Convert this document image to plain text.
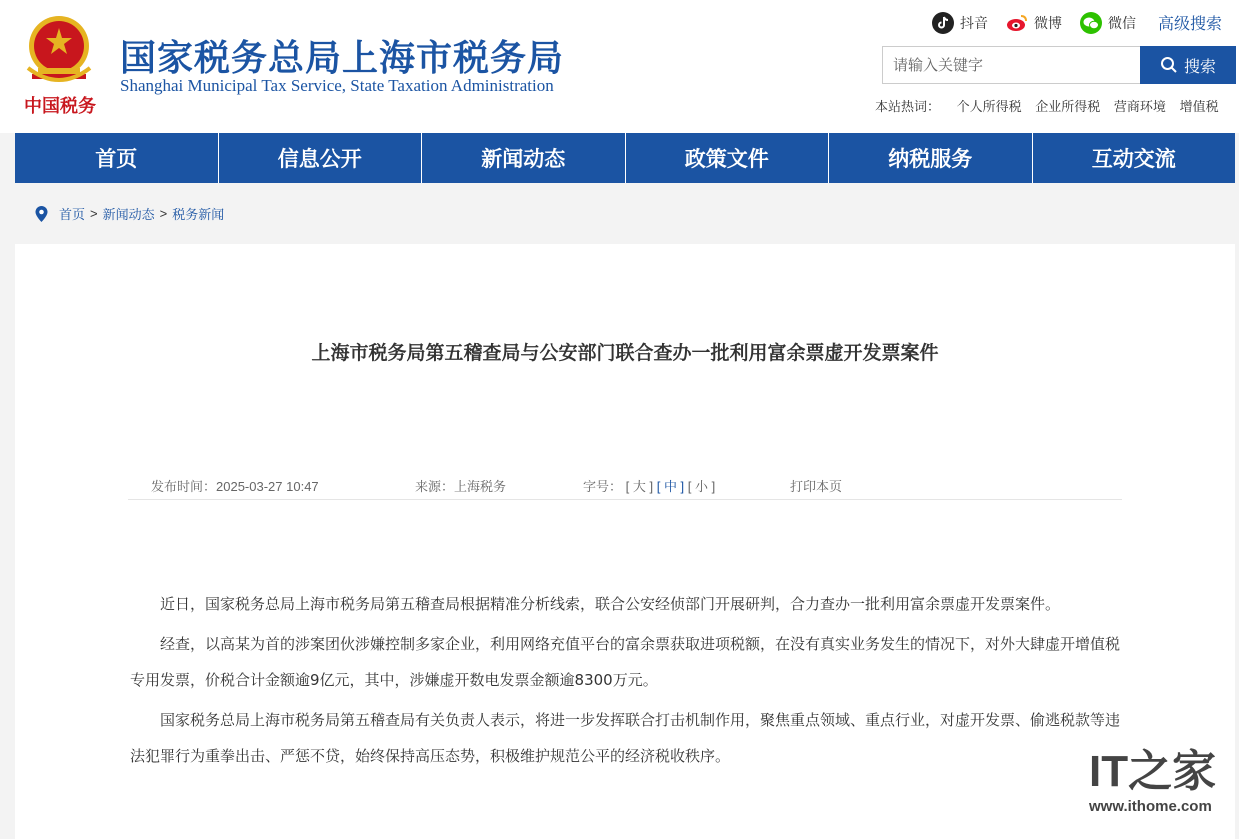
中国税务
国家税务总局上海市税务局
Shanghai Municipal Tax Service, State Taxation Administration
抖音	微博	微信 高级搜索
请输入关键字
搜索
本站热词： 个人所得税 企业所得税 营商环境 增值税
首页	信息公开	新闻动态	政策文件	纳税服务	互动交流
首页 > 新闻动态 > 税务新闻
上海市税务局第五稽查局与公安部门联合查办一批利用富余票虚开发票案件
发布时间：2025-03-27 10:47	来源：上海税务	字号： [ 大 ] [ 中 ] [ 小 ]	打印本页

近日，国家税务总局上海市税务局第五稽查局根据精准分析线索，联合公安经侦部门开展研判，合力查办一批利用富余票虚开发票案件。

经查，以高某为首的涉案团伙涉嫌控制多家企业，利用网络充值平台的富余票获取进项税额，在没有真实业务发生的情况下，对外大肆虚开增值税专用发票，价税合计金额逾9亿元，其中，涉嫌虚开数电发票金额逾8300万元。

国家税务总局上海市税务局第五稽查局有关负责人表示，将进一步发挥联合打击机制作用，聚焦重点领域、重点行业，对虚开发票、偷逃税款等违法犯罪行为重拳出击、严惩不贷，始终保持高压态势，积极维护规范公平的经济税收秩序。	IT之家
www.ithome.com
